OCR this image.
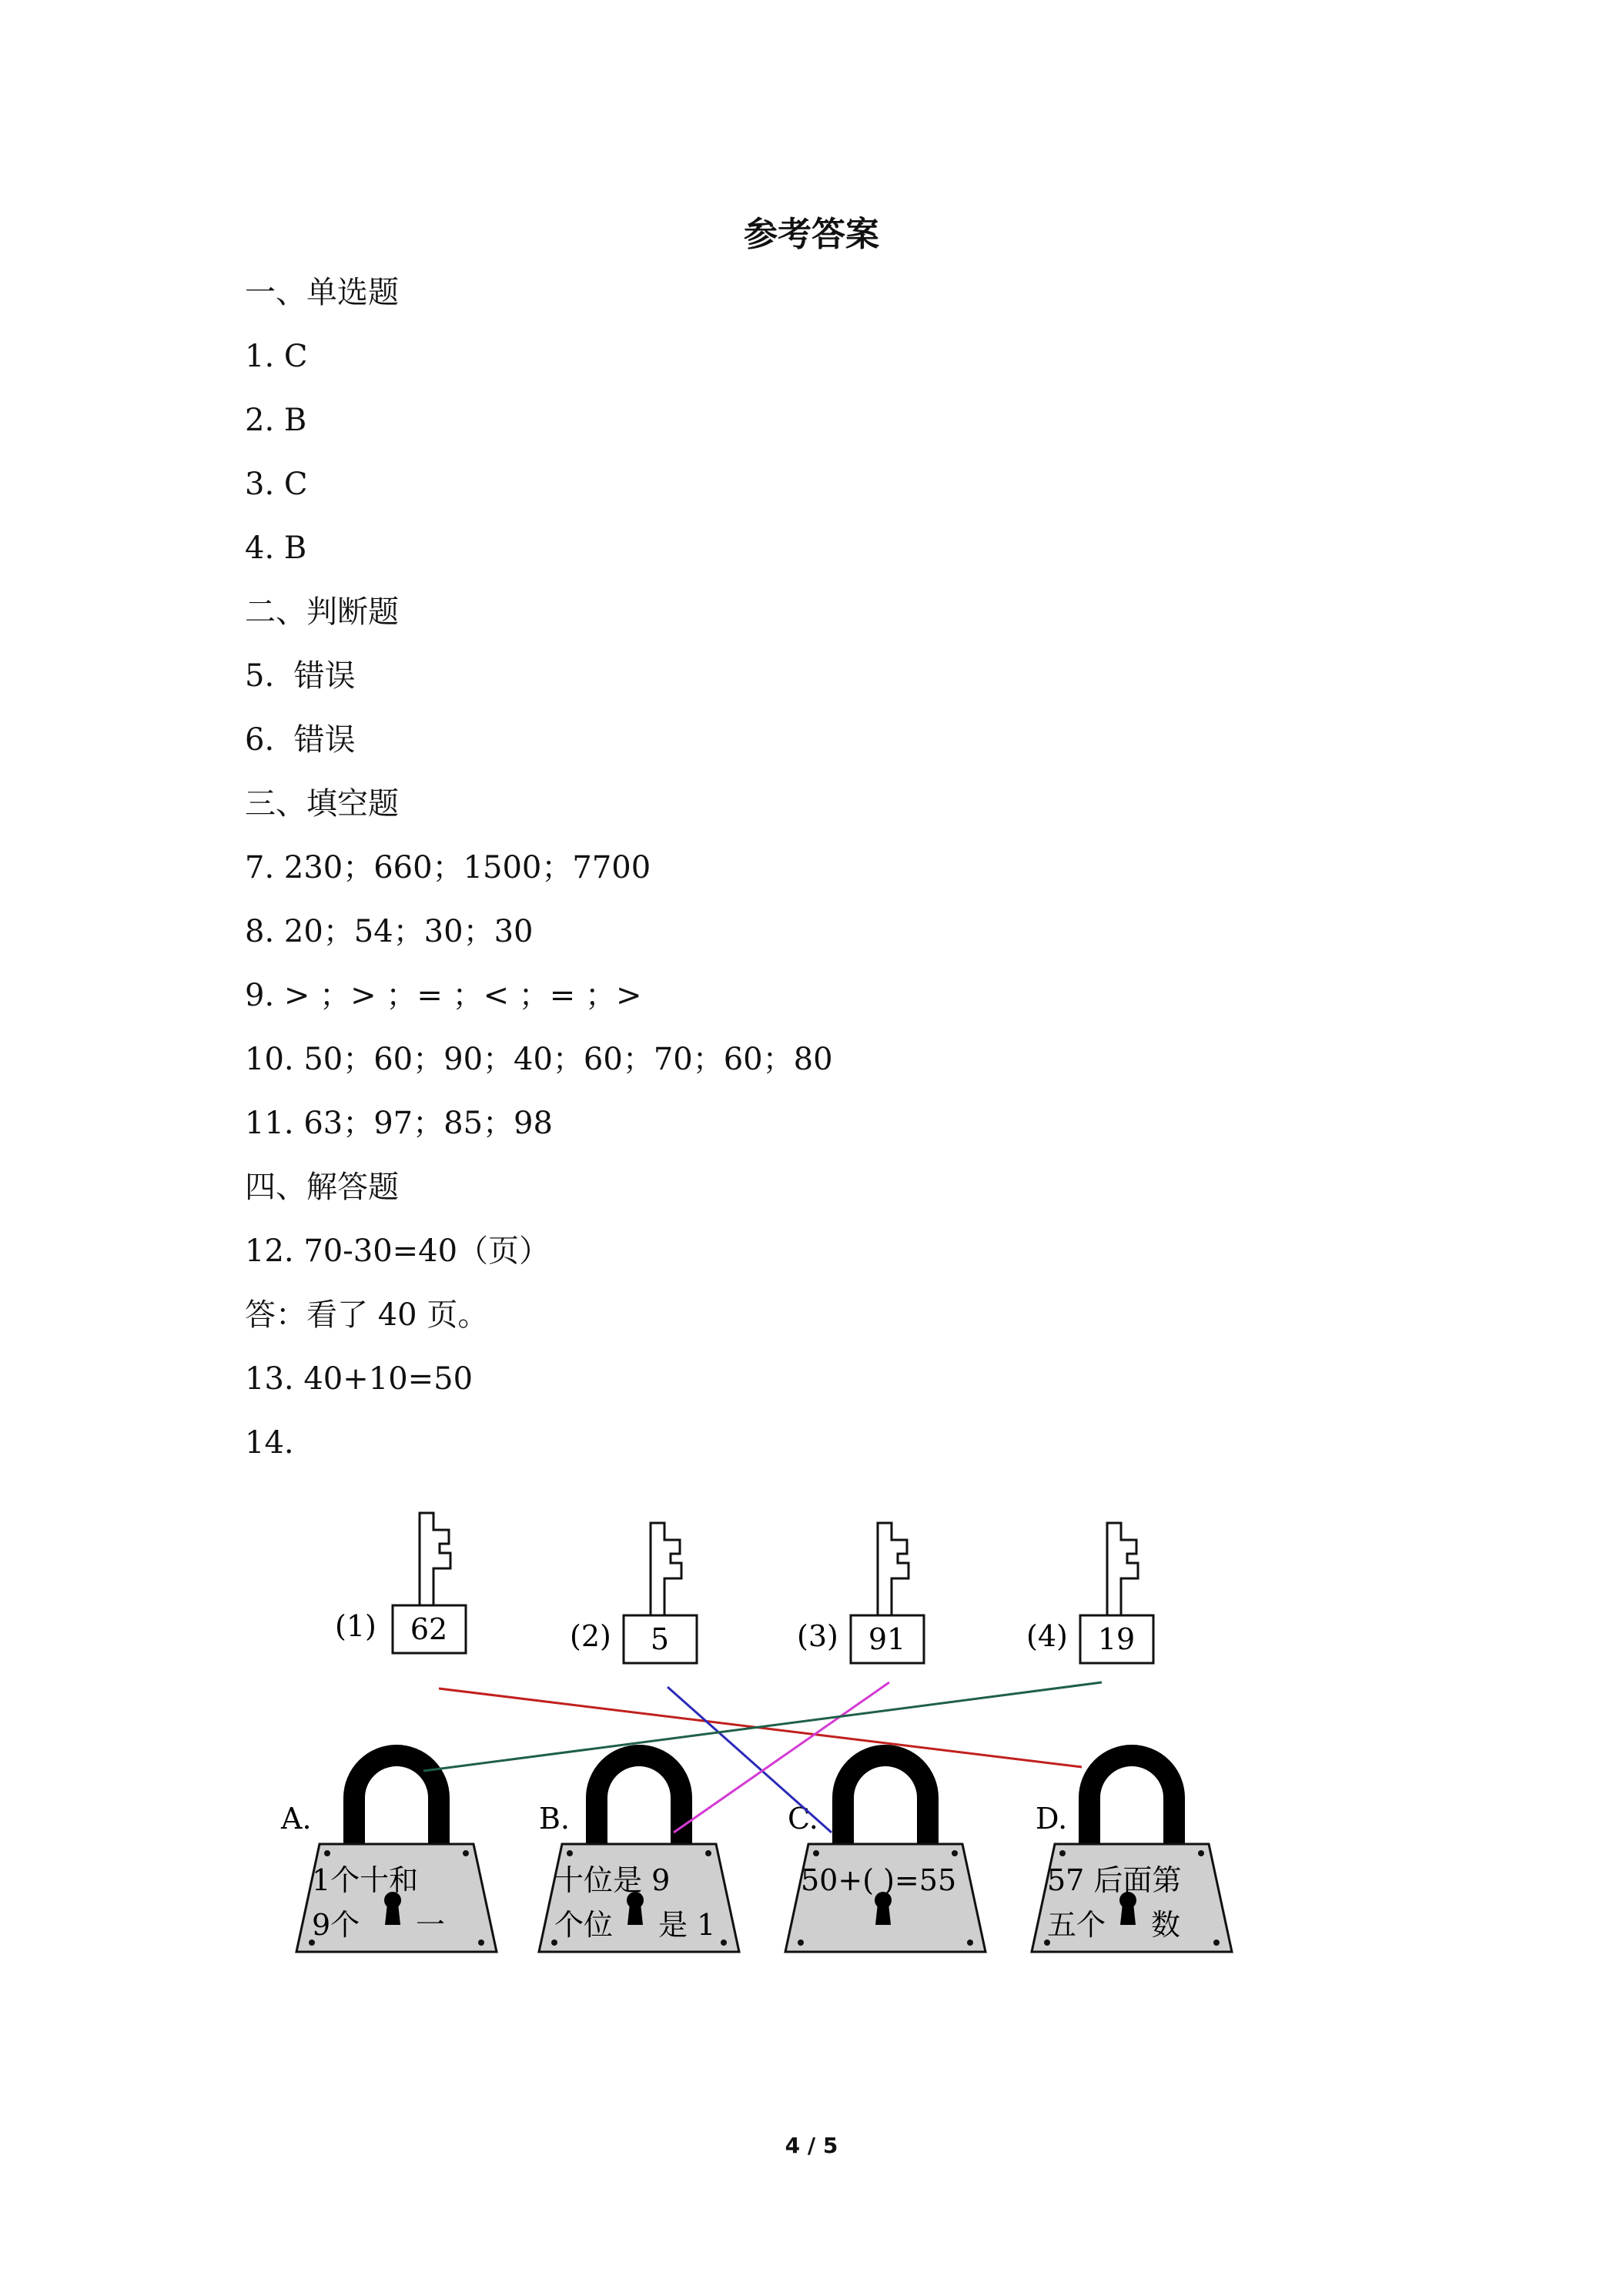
参考答案
一、单选题
1. C
2. B
3. C
4. B
二、判断题
5.  错误
6.  错误
三、填空题
7. 230；660；1500；7700
8. 20；54；30；30
9. > ；> ；= ；< ；= ；>
10. 50；60；90；40；60；70；60；80
11. 63；97；85；98
四、解答题
12. 70-30=40（页）
答：看了 40 页。
13. 40+10=50
14.
62
(1)	5
(2)	91
(3)	19
(4)
1个十和
9个 一
A.
十位是 9
个位 是 1
B.
50+( )=55
C.
57 后面第
五个 数
D.
4 / 5
